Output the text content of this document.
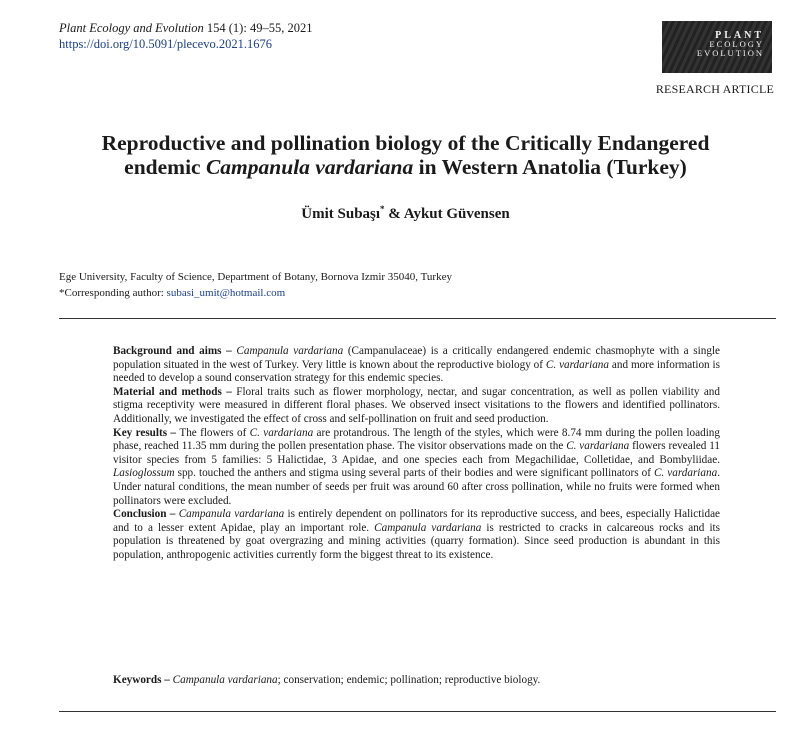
Plant Ecology and Evolution 154 (1): 49–55, 2021
https://doi.org/10.5091/plecevo.2021.1676
PLANT
ECOLOGY
EVOLUTION
RESEARCH ARTICLE
Reproductive and pollination biology of the Critically Endangered
endemic Campanula vardariana in Western Anatolia (Turkey)
Ümit Subaşı* & Aykut Güvensen
Ege University, Faculty of Science, Department of Botany, Bornova Izmir 35040, Turkey
*Corresponding author: subasi_umit@hotmail.com

Background and aims – Campanula vardariana (Campanulaceae) is a critically endangered endemic chasmophyte with a single population situated in the west of Turkey. Very little is known about the reproductive biology of C. vardariana and more information is needed to develop a sound conservation strategy for this endemic species.

Material and methods – Floral traits such as flower morphology, nectar, and sugar concentration, as well as pollen viability and stigma receptivity were measured in different floral phases. We observed insect visitations to the flowers and identified pollinators. Additionally, we investigated the effect of cross and self-pollination on fruit and seed production.

Key results – The flowers of C. vardariana are protandrous. The length of the styles, which were 8.74 mm during the pollen loading phase, reached 11.35 mm during the pollen presentation phase. The visitor observations made on the C. vardariana flowers revealed 11 visitor species from 5 families: 5 Halictidae, 3 Apidae, and one species each from Megachilidae, Colletidae, and Bombyliidae. Lasioglossum spp. touched the anthers and stigma using several parts of their bodies and were significant pollinators of C. vardariana. Under natural conditions, the mean number of seeds per fruit was around 60 after cross pollination, while no fruits were formed when pollinators were excluded.

Conclusion – Campanula vardariana is entirely dependent on pollinators for its reproductive success, and bees, especially Halictidae and to a lesser extent Apidae, play an important role. Campanula vardariana is restricted to cracks in calcareous rocks and its population is threatened by goat overgrazing and mining activities (quarry formation). Since seed production is abundant in this population, anthropogenic activities currently form the biggest threat to its existence.

Keywords – Campanula vardariana; conservation; endemic; pollination; reproductive biology.
